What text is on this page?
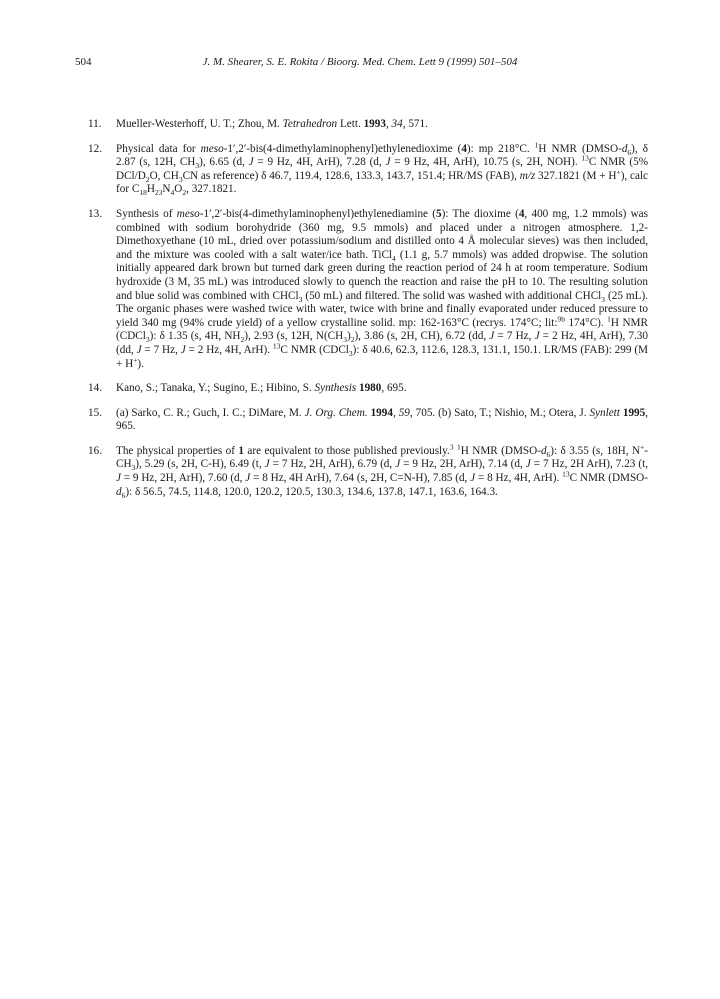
504	J. M. Shearer, S. E. Rokita / Bioorg. Med. Chem. Lett 9 (1999) 501–504
11. Mueller-Westerhoff, U. T.; Zhou, M. Tetrahedron Lett. 1993, 34, 571.
12. Physical data for meso-1′,2′-bis(4-dimethylaminophenyl)ethylenedioxime (4): mp 218°C. $^1$H NMR $(DMSO-d_6)$, δ 2.87 (s, 12H, $CH_3$), 6.65 (d, J = 9 Hz, 4H, ArH), 7.28 (d, J = 9 Hz, 4H, ArH), 10.75 (s, 2H, NOH). $^{13}$C NMR (5% DCl/$D_2O$, $CH_3CN$ as reference) δ 46.7, 119.4, 128.6, 133.3, 143.7, 151.4; HR/MS (FAB), m/z 327.1821 (M + H+), calc for $C_{18}H_{23}N_4O_2$, 327.1821.
13. Synthesis of meso-1′,2′-bis(4-dimethylaminophenyl)ethylenediamine (5): The dioxime (4, 400 mg, 1.2 mmols) was combined with sodium borohydride (360 mg, 9.5 mmols) and placed under a nitrogen atmosphere. 1,2-Dimethoxyethane (10 mL, dried over potassium/sodium and distilled onto 4 Å molecular sieves) was then included, and the mixture was cooled with a salt water/ice bath. TiCl$_4$ (1.1 g, 5.7 mmols) was added dropwise. The solution initially appeared dark brown but turned dark green during the reaction period of 24 h at room temperature. Sodium hydroxide (3 M, 35 mL) was introduced slowly to quench the reaction and raise the pH to 10. The resulting solution and blue solid was combined with CHCl$_3$ (50 mL) and filtered. The solid was washed with additional CHCl$_3$ (25 mL). The organic phases were washed twice with water, twice with brine and finally evaporated under reduced pressure to yield 340 mg (94% crude yield) of a yellow crystalline solid. mp: 162-163°C (recrys. 174°C; lit:$^{9b}$ 174°C). $^1$H NMR (CDCl$_3$): δ 1.35 (s, 4H, $NH_2$), 2.93 (s, 12H, $N(CH_3)_2$), 3.86 (s, 2H, CH), 6.72 (dd, J = 7 Hz, J = 2 Hz, 4H, ArH), 7.30 (dd, J = 7 Hz, J = 2 Hz, 4H, ArH). $^{13}$C NMR (CDCl$_3$): δ 40.6, 62.3, 112.6, 128.3, 131.1, 150.1. LR/MS (FAB): 299 (M + H+).
14. Kano, S.; Tanaka, Y.; Sugino, E.; Hibino, S. Synthesis 1980, 695.
15. (a) Sarko, C. R.; Guch, I. C.; DiMare, M. J. Org. Chem. 1994, 59, 705. (b) Sato, T.; Nishio, M.; Otera, J. Synlett 1995, 965.
16. The physical properties of 1 are equivalent to those published previously.$^3$ $^1$H NMR $(DMSO-d_6)$: δ 3.55 (s, 18H, $N^+-CH_3$), 5.29 (s, 2H, C-H), 6.49 (t, J = 7 Hz, 2H, ArH), 6.79 (d, J = 9 Hz, 2H, ArH), 7.14 (d, J = 7 Hz, 2H ArH), 7.23 (t, J = 9 Hz, 2H, ArH), 7.60 (d, J = 8 Hz, 4H ArH), 7.64 (s, 2H, C=N-H), 7.85 (d, J = 8 Hz, 4H, ArH). $^{13}$C NMR $(DMSO-d_6)$: δ 56.5, 74.5, 114.8, 120.0, 120.2, 120.5, 130.3, 134.6, 137.8, 147.1, 163.6, 164.3.
